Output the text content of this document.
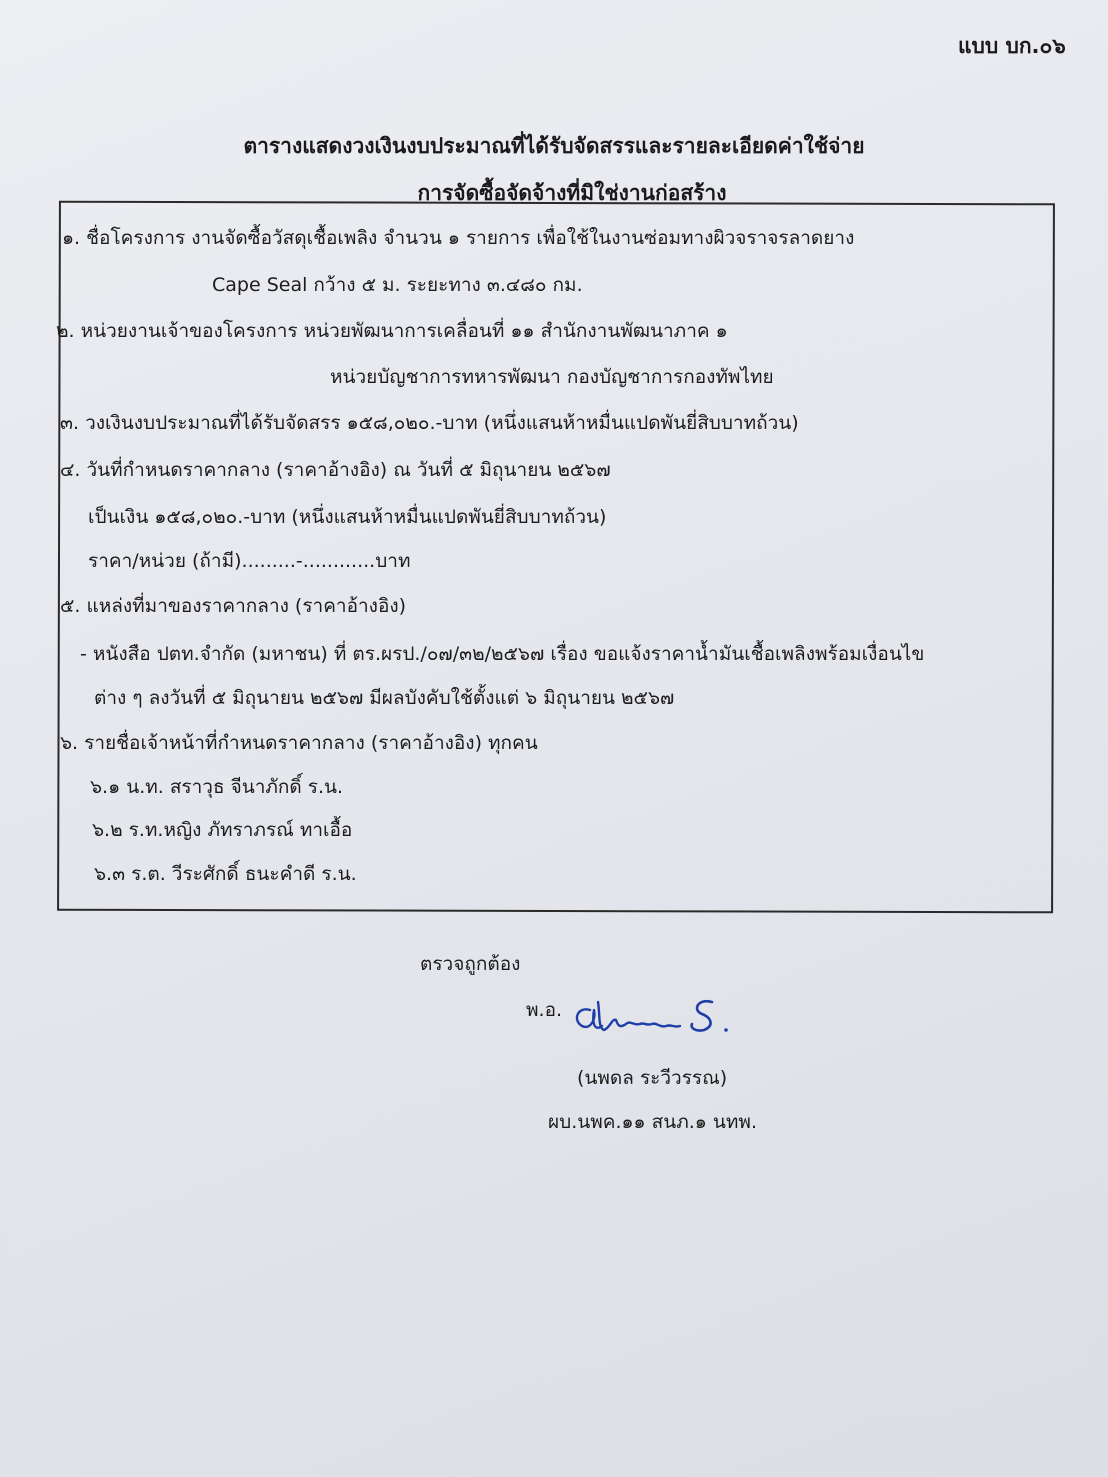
แบบ บก.๐๖
ตารางแสดงวงเงินงบประมาณที่ได้รับจัดสรรและรายละเอียดค่าใช้จ่าย
การจัดซื้อจัดจ้างที่มิใช่งานก่อสร้าง
๑. ชื่อโครงการ งานจัดซื้อวัสดุเชื้อเพลิง จำนวน ๑ รายการ เพื่อใช้ในงานซ่อมทางผิวจราจรลาดยาง
Cape Seal กว้าง ๕ ม. ระยะทาง ๓.๔๘๐ กม.
๒. หน่วยงานเจ้าของโครงการ หน่วยพัฒนาการเคลื่อนที่ ๑๑ สำนักงานพัฒนาภาค ๑
หน่วยบัญชาการทหารพัฒนา กองบัญชาการกองทัพไทย
๓. วงเงินงบประมาณที่ได้รับจัดสรร ๑๕๘,๐๒๐.-บาท (หนึ่งแสนห้าหมื่นแปดพันยี่สิบบาทถ้วน)
๔. วันที่กำหนดราคากลาง (ราคาอ้างอิง) ณ วันที่ ๕ มิถุนายน ๒๕๖๗
เป็นเงิน ๑๕๘,๐๒๐.-บาท (หนึ่งแสนห้าหมื่นแปดพันยี่สิบบาทถ้วน)
ราคา/หน่วย (ถ้ามี).........-............บาท
๕. แหล่งที่มาของราคากลาง (ราคาอ้างอิง)
- หนังสือ ปตท.จำกัด (มหาชน) ที่ ตร.ผรป./๐๗/๓๒/๒๕๖๗ เรื่อง ขอแจ้งราคาน้ำมันเชื้อเพลิงพร้อมเงื่อนไข
ต่าง ๆ ลงวันที่ ๕ มิถุนายน ๒๕๖๗ มีผลบังคับใช้ตั้งแต่ ๖ มิถุนายน ๒๕๖๗
๖. รายชื่อเจ้าหน้าที่กำหนดราคากลาง (ราคาอ้างอิง) ทุกคน
๖.๑ น.ท. สราวุธ จีนาภักดิ์ ร.น.
๖.๒ ร.ท.หญิง ภัทราภรณ์ ทาเอื้อ
๖.๓ ร.ต. วีระศักดิ์ ธนะคำดี ร.น.
ตรวจถูกต้อง
พ.อ.
(นพดล ระวีวรรณ)
ผบ.นพค.๑๑ สนภ.๑ นทพ.
